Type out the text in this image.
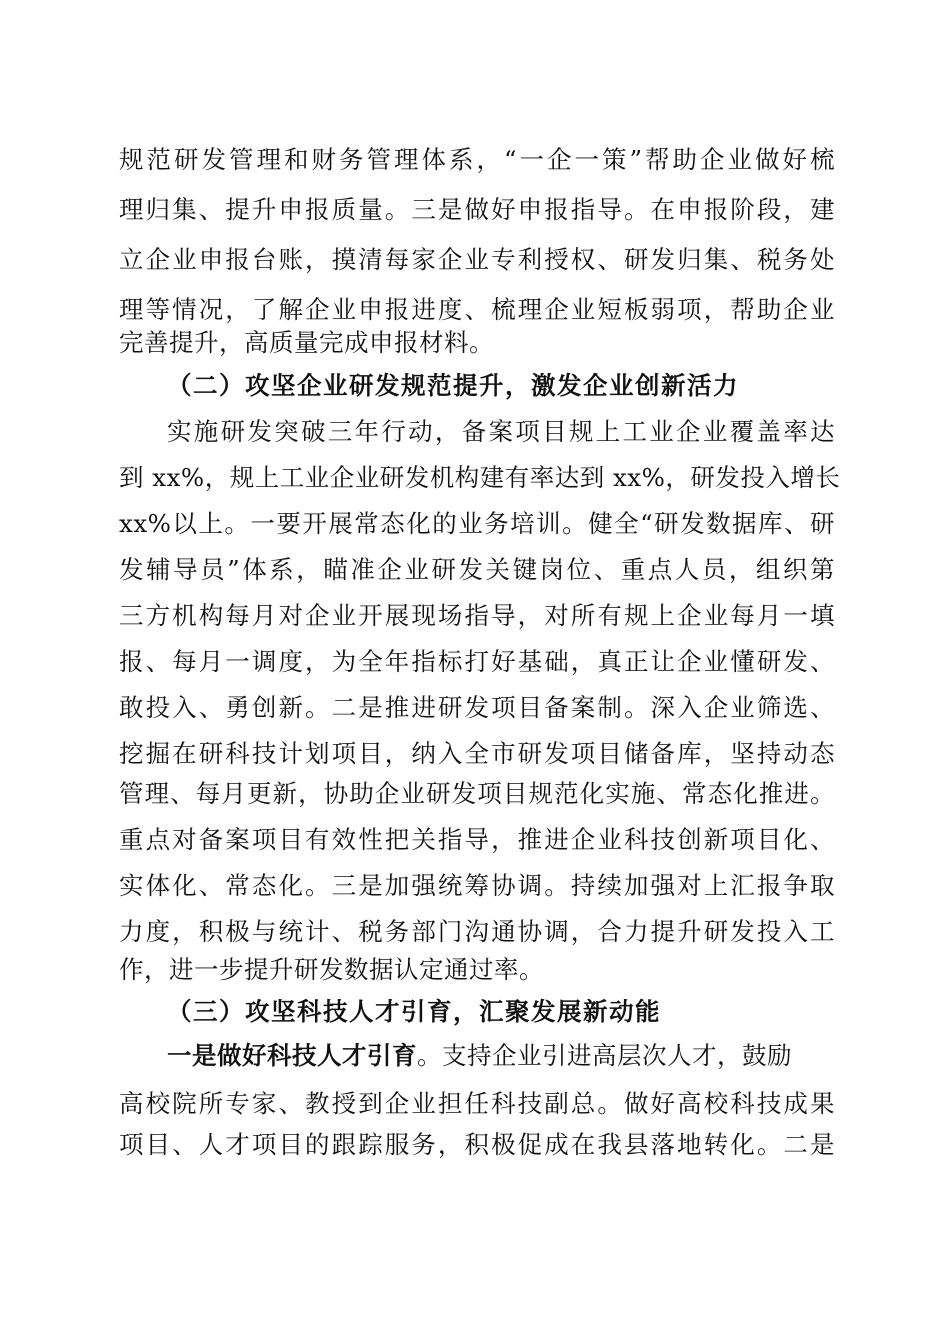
规范研发管理和财务管理体系，“一企一策”帮助企业做好梳
理归集、提升申报质量。三是做好申报指导。在申报阶段，建
立企业申报台账，摸清每家企业专利授权、研发归集、税务处
理等情况，了解企业申报进度、梳理企业短板弱项，帮助企业
完善提升，高质量完成申报材料。
（二）攻坚企业研发规范提升，激发企业创新活力
实施研发突破三年行动，备案项目规上工业企业覆盖率达
到 xx%，规上工业企业研发机构建有率达到 xx%，研发投入增长
xx%以上。一要开展常态化的业务培训。健全“研发数据库、研
发辅导员”体系，瞄准企业研发关键岗位、重点人员，组织第
三方机构每月对企业开展现场指导，对所有规上企业每月一填
报、每月一调度，为全年指标打好基础，真正让企业懂研发、
敢投入、勇创新。二是推进研发项目备案制。深入企业筛选、
挖掘在研科技计划项目，纳入全市研发项目储备库，坚持动态
管理、每月更新，协助企业研发项目规范化实施、常态化推进。
重点对备案项目有效性把关指导，推进企业科技创新项目化、
实体化、常态化。三是加强统筹协调。持续加强对上汇报争取
力度，积极与统计、税务部门沟通协调，合力提升研发投入工
作，进一步提升研发数据认定通过率。
（三）攻坚科技人才引育，汇聚发展新动能
一是做好科技人才引育。支持企业引进高层次人才，鼓励
高校院所专家、教授到企业担任科技副总。做好高校科技成果
项目、人才项目的跟踪服务，积极促成在我县落地转化。二是
